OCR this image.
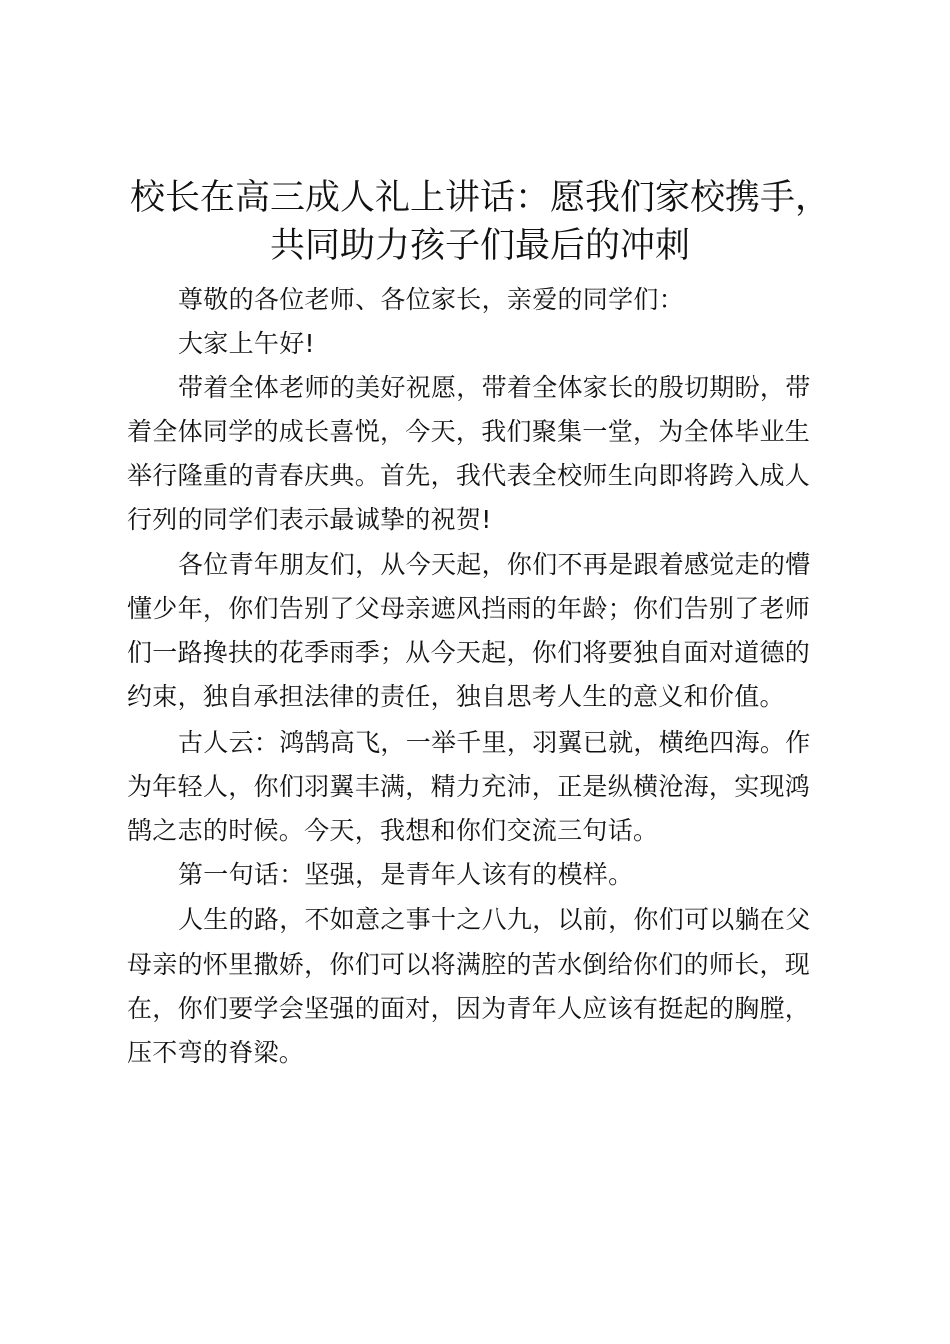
校长在高三成人礼上讲话：愿我们家校携手，
共同助力孩子们最后的冲刺
尊敬的各位老师、各位家长，亲爱的同学们：
大家上午好!
带着全体老师的美好祝愿，带着全体家长的殷切期盼，带
着全体同学的成长喜悦，今天，我们聚集一堂，为全体毕业生
举行隆重的青春庆典。首先，我代表全校师生向即将跨入成人
行列的同学们表示最诚挚的祝贺!
各位青年朋友们，从今天起，你们不再是跟着感觉走的懵
懂少年，你们告别了父母亲遮风挡雨的年龄；你们告别了老师
们一路搀扶的花季雨季；从今天起，你们将要独自面对道德的
约束，独自承担法律的责任，独自思考人生的意义和价值。
古人云：鸿鹄高飞，一举千里，羽翼已就，横绝四海。作
为年轻人，你们羽翼丰满，精力充沛，正是纵横沧海，实现鸿
鹄之志的时候。今天，我想和你们交流三句话。
第一句话：坚强，是青年人该有的模样。
人生的路，不如意之事十之八九，以前，你们可以躺在父
母亲的怀里撒娇，你们可以将满腔的苦水倒给你们的师长，现
在，你们要学会坚强的面对，因为青年人应该有挺起的胸膛，
压不弯的脊梁。
